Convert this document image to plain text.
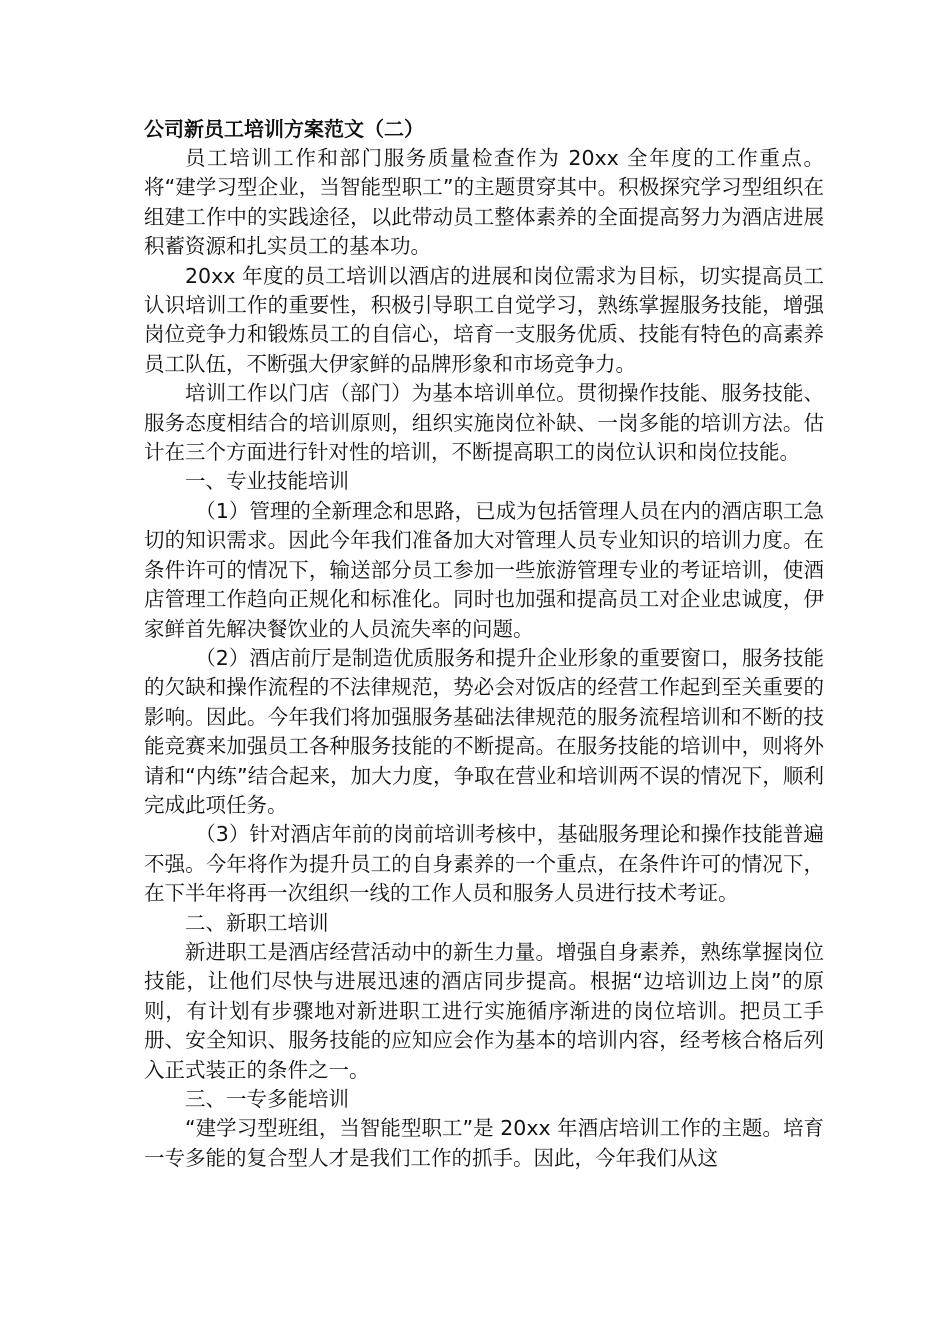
公司新员工培训方案范文（二）

员工培训工作和部门服务质量检查作为 20xx 全年度的工作重点。将“建学习型企业，当智能型职工”的主题贯穿其中。积极探究学习型组织在组建工作中的实践途径，以此带动员工整体素养的全面提高努力为酒店进展积蓄资源和扎实员工的基本功。

20xx 年度的员工培训以酒店的进展和岗位需求为目标，切实提高员工认识培训工作的重要性，积极引导职工自觉学习，熟练掌握服务技能，增强岗位竞争力和锻炼员工的自信心，培育一支服务优质、技能有特色的高素养员工队伍，不断强大伊家鲜的品牌形象和市场竞争力。

培训工作以门店（部门）为基本培训单位。贯彻操作技能、服务技能、服务态度相结合的培训原则，组织实施岗位补缺、一岗多能的培训方法。估计在三个方面进行针对性的培训，不断提高职工的岗位认识和岗位技能。

一、专业技能培训

（1）管理的全新理念和思路，已成为包括管理人员在内的酒店职工急切的知识需求。因此今年我们准备加大对管理人员专业知识的培训力度。在条件许可的情况下，输送部分员工参加一些旅游管理专业的考证培训，使酒店管理工作趋向正规化和标准化。同时也加强和提高员工对企业忠诚度，伊家鲜首先解决餐饮业的人员流失率的问题。

（2）酒店前厅是制造优质服务和提升企业形象的重要窗口，服务技能的欠缺和操作流程的不法律规范，势必会对饭店的经营工作起到至关重要的影响。因此。今年我们将加强服务基础法律规范的服务流程培训和不断的技能竞赛来加强员工各种服务技能的不断提高。在服务技能的培训中，则将外请和“内练”结合起来，加大力度，争取在营业和培训两不误的情况下，顺利完成此项任务。

（3）针对酒店年前的岗前培训考核中，基础服务理论和操作技能普遍不强。今年将作为提升员工的自身素养的一个重点，在条件许可的情况下，在下半年将再一次组织一线的工作人员和服务人员进行技术考证。

二、新职工培训

新进职工是酒店经营活动中的新生力量。增强自身素养，熟练掌握岗位技能，让他们尽快与进展迅速的酒店同步提高。根据“边培训边上岗”的原则，有计划有步骤地对新进职工进行实施循序渐进的岗位培训。把员工手册、安全知识、服务技能的应知应会作为基本的培训内容，经考核合格后列入正式装正的条件之一。

三、一专多能培训

“建学习型班组，当智能型职工”是 20xx 年酒店培训工作的主题。培育一专多能的复合型人才是我们工作的抓手。因此，今年我们从这
